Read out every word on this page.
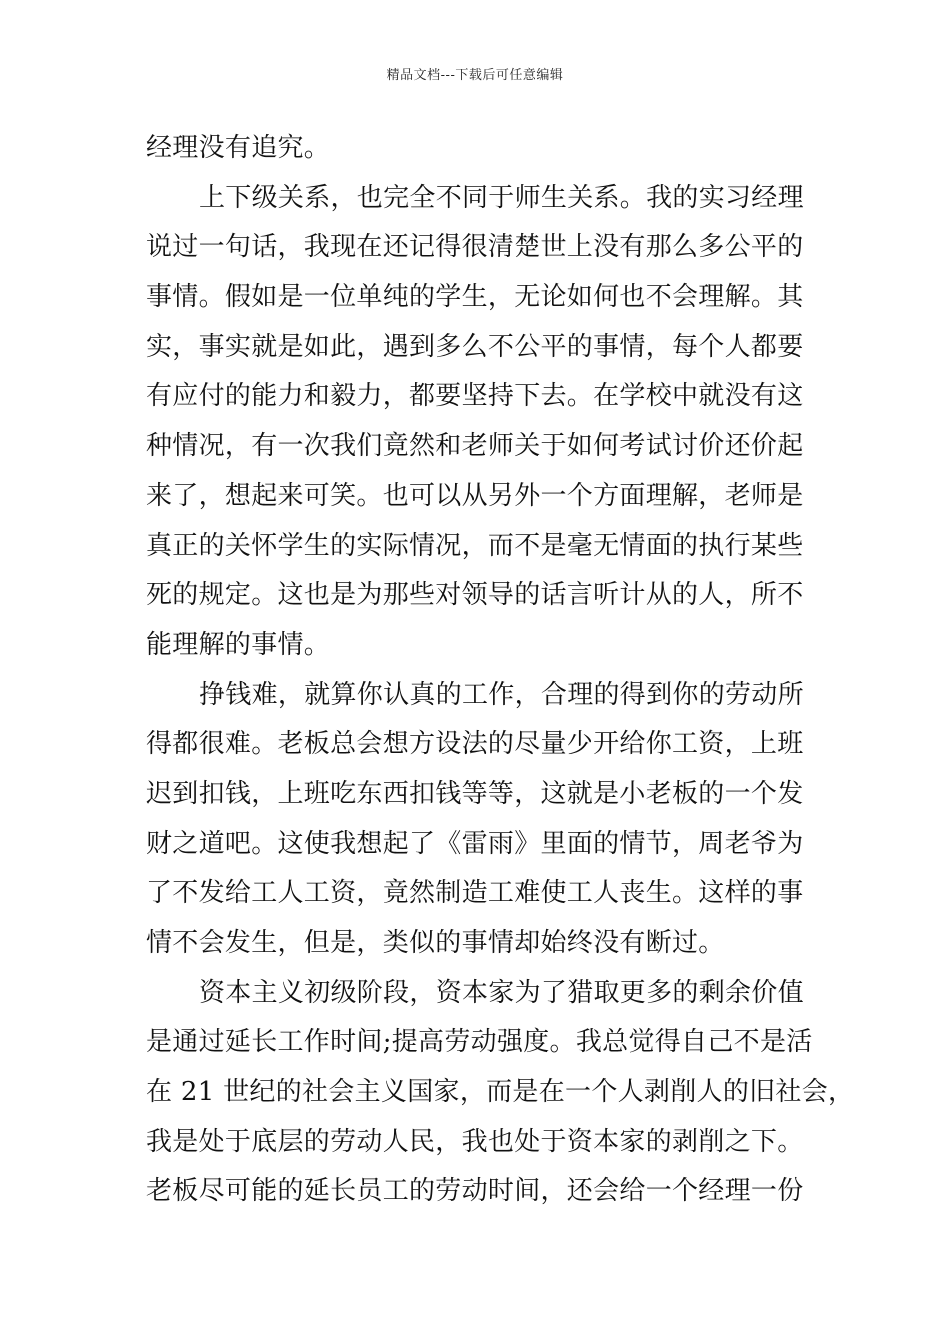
精品文档---下载后可任意编辑
经理没有追究。
上下级关系，也完全不同于师生关系。我的实习经理
说过一句话，我现在还记得很清楚世上没有那么多公平的
事情。假如是一位单纯的学生，无论如何也不会理解。其
实，事实就是如此，遇到多么不公平的事情，每个人都要
有应付的能力和毅力，都要坚持下去。在学校中就没有这
种情况，有一次我们竟然和老师关于如何考试讨价还价起
来了，想起来可笑。也可以从另外一个方面理解，老师是
真正的关怀学生的实际情况，而不是毫无情面的执行某些
死的规定。这也是为那些对领导的话言听计从的人，所不
能理解的事情。
挣钱难，就算你认真的工作，合理的得到你的劳动所
得都很难。老板总会想方设法的尽量少开给你工资，上班
迟到扣钱，上班吃东西扣钱等等，这就是小老板的一个发
财之道吧。这使我想起了《雷雨》里面的情节，周老爷为
了不发给工人工资，竟然制造工难使工人丧生。这样的事
情不会发生，但是，类似的事情却始终没有断过。
资本主义初级阶段，资本家为了猎取更多的剩余价值
是通过延长工作时间;提高劳动强度。我总觉得自己不是活
在 21 世纪的社会主义国家，而是在一个人剥削人的旧社会，
我是处于底层的劳动人民，我也处于资本家的剥削之下。
老板尽可能的延长员工的劳动时间，还会给一个经理一份
